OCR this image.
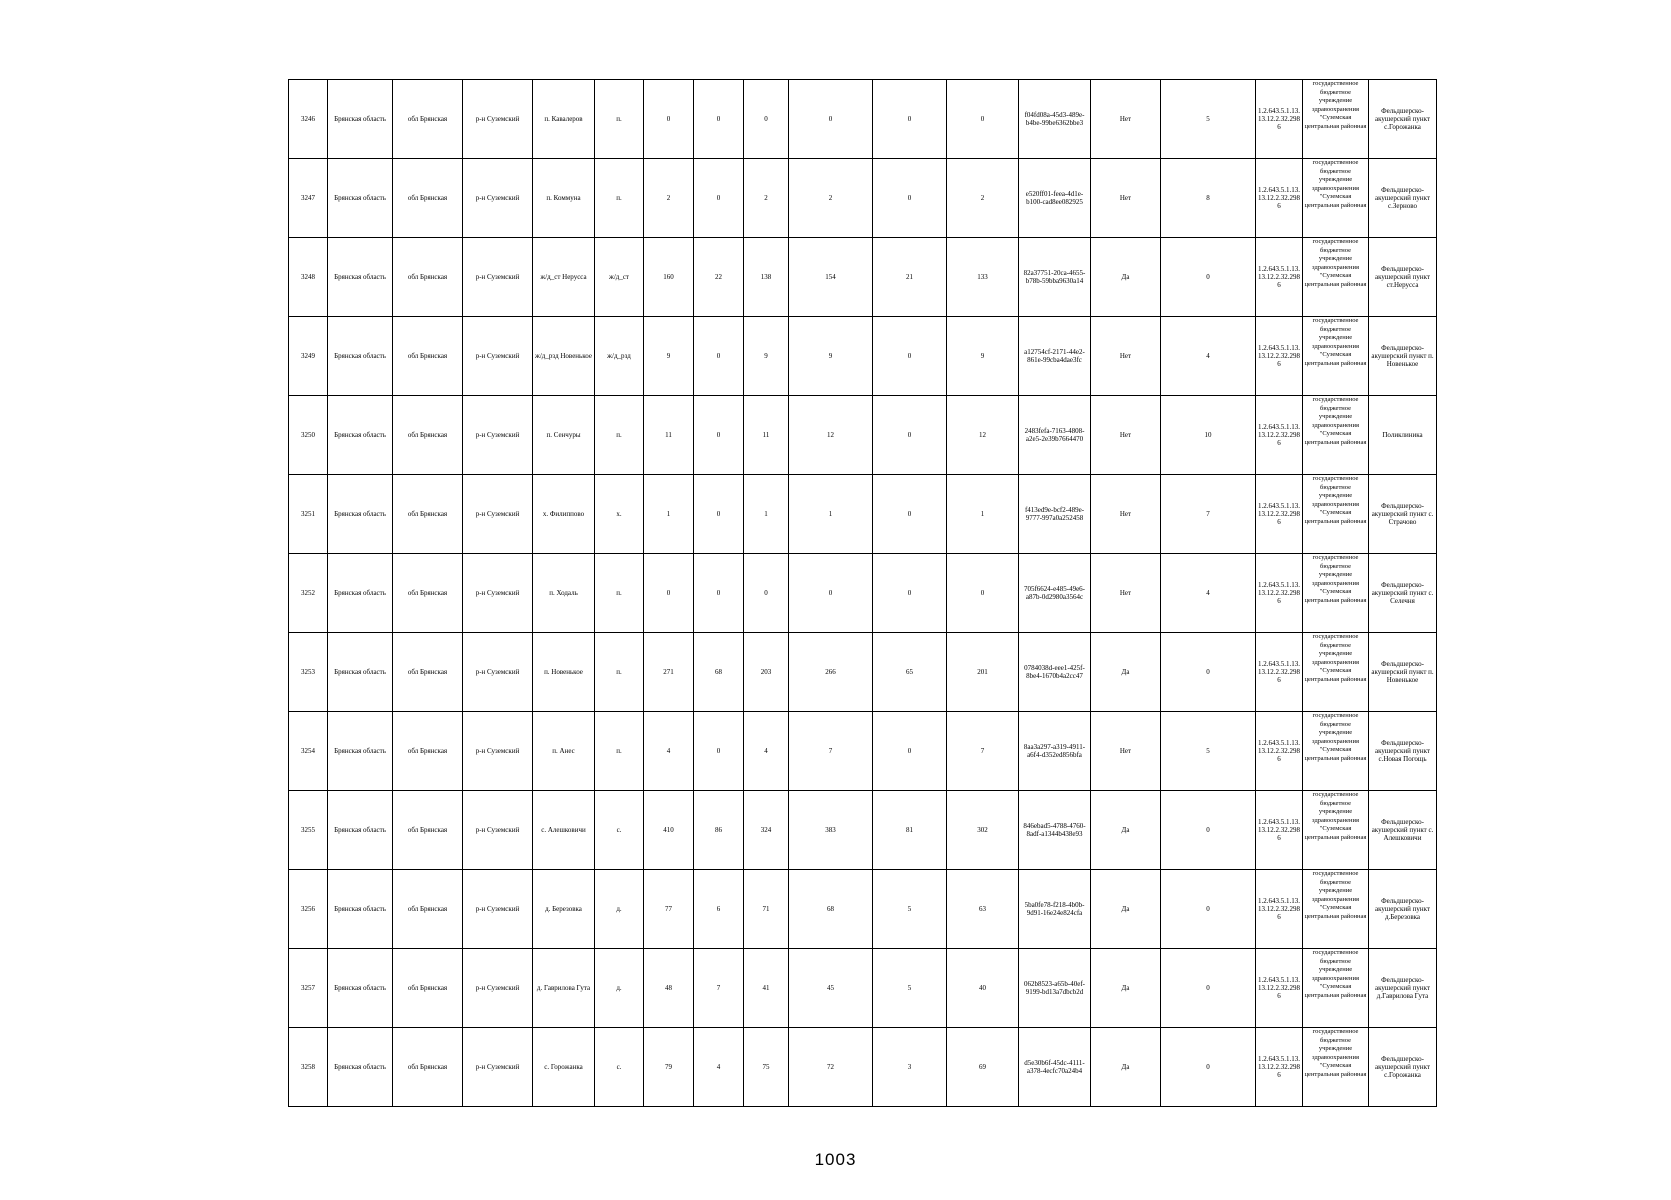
3246	Брянская область	обл Брянская	р-н Суземский	п. Кавалеров	п.	0	0	0	0	0	0	f04fd08a-45d3-489e-b4be-99be6362bbe3	Нет	5	1.2.643.5.1.13.13.12.2.32.2986	государственное бюджетное учреждение здравоохранения "Суземская центральная районная	Фельдшерско-акушерский пункт с.Горожанка
3247	Брянская область	обл Брянская	р-н Суземский	п. Коммуна	п.	2	0	2	2	0	2	e520ff01-feea-4d1e-b100-cad8ee082925	Нет	8	1.2.643.5.1.13.13.12.2.32.2986	государственное бюджетное учреждение здравоохранения "Суземская центральная районная	Фельдшерско-акушерский пункт с.Зерново
3248	Брянская область	обл Брянская	р-н Суземский	ж/д_ст Нерусса	ж/д_ст	160	22	138	154	21	133	82a37751-20ca-4655-b78b-59bba9630a14	Да	0	1.2.643.5.1.13.13.12.2.32.2986	государственное бюджетное учреждение здравоохранения "Суземская центральная районная	Фельдшерско-акушерский пункт ст.Нерусса
3249	Брянская область	обл Брянская	р-н Суземский	ж/д_рзд Новенькое	ж/д_рзд	9	0	9	9	0	9	a12754cf-2171-44e2-861e-99cba4dae3fc	Нет	4	1.2.643.5.1.13.13.12.2.32.2986	государственное бюджетное учреждение здравоохранения "Суземская центральная районная	Фельдшерско-акушерский пункт п. Новенькое
3250	Брянская область	обл Брянская	р-н Суземский	п. Сенчуры	п.	11	0	11	12	0	12	2483fefa-7163-4808-a2e5-2e39b7664470	Нет	10	1.2.643.5.1.13.13.12.2.32.2986	государственное бюджетное учреждение здравоохранения "Суземская центральная районная	Поликлиника
3251	Брянская область	обл Брянская	р-н Суземский	х. Филиппово	х.	1	0	1	1	0	1	f413ed9e-bcf2-489e-9777-997a0a252458	Нет	7	1.2.643.5.1.13.13.12.2.32.2986	государственное бюджетное учреждение здравоохранения "Суземская центральная районная	Фельдшерско-акушерский пункт с. Страчово
3252	Брянская область	обл Брянская	р-н Суземский	п. Ходаль	п.	0	0	0	0	0	0	705f6624-e485-49e6-a87b-0d2980a3564c	Нет	4	1.2.643.5.1.13.13.12.2.32.2986	государственное бюджетное учреждение здравоохранения "Суземская центральная районная	Фельдшерско-акушерский пункт с. Селечня
3253	Брянская область	обл Брянская	р-н Суземский	п. Новенькое	п.	271	68	203	266	65	201	0784038d-eee1-425f-8be4-1670b4a2cc47	Да	0	1.2.643.5.1.13.13.12.2.32.2986	государственное бюджетное учреждение здравоохранения "Суземская центральная районная	Фельдшерско-акушерский пункт п. Новенькое
3254	Брянская область	обл Брянская	р-н Суземский	п. Анес	п.	4	0	4	7	0	7	8aa3a297-a319-4911-a6f4-d352ed856bfa	Нет	5	1.2.643.5.1.13.13.12.2.32.2986	государственное бюджетное учреждение здравоохранения "Суземская центральная районная	Фельдшерско-акушерский пункт с.Новая Погощь
3255	Брянская область	обл Брянская	р-н Суземский	с. Алешковичи	с.	410	86	324	383	81	302	846ebad5-4788-4760-8adf-a1344b438e93	Да	0	1.2.643.5.1.13.13.12.2.32.2986	государственное бюджетное учреждение здравоохранения "Суземская центральная районная	Фельдшерско-акушерский пункт с. Алешковичи
3256	Брянская область	обл Брянская	р-н Суземский	д. Березовка	д.	77	6	71	68	5	63	5ba0fe78-f218-4b0b-9d91-16e24e824cfa	Да	0	1.2.643.5.1.13.13.12.2.32.2986	государственное бюджетное учреждение здравоохранения "Суземская центральная районная	Фельдшерско-акушерский пункт д.Березовка
3257	Брянская область	обл Брянская	р-н Суземский	д. Гаврилова Гута	д.	48	7	41	45	5	40	062b8523-a65b-40ef-9199-bd13a7dbcb2d	Да	0	1.2.643.5.1.13.13.12.2.32.2986	государственное бюджетное учреждение здравоохранения "Суземская центральная районная	Фельдшерско-акушерский пункт д.Гаврилова Гута
3258	Брянская область	обл Брянская	р-н Суземский	с. Горожанка	с.	79	4	75	72	3	69	d5e30b6f-45dc-4111-a378-4ecfc70a24b4	Да	0	1.2.643.5.1.13.13.12.2.32.2986	государственное бюджетное учреждение здравоохранения "Суземская центральная районная	Фельдшерско-акушерский пункт с.Горожанка
1003
